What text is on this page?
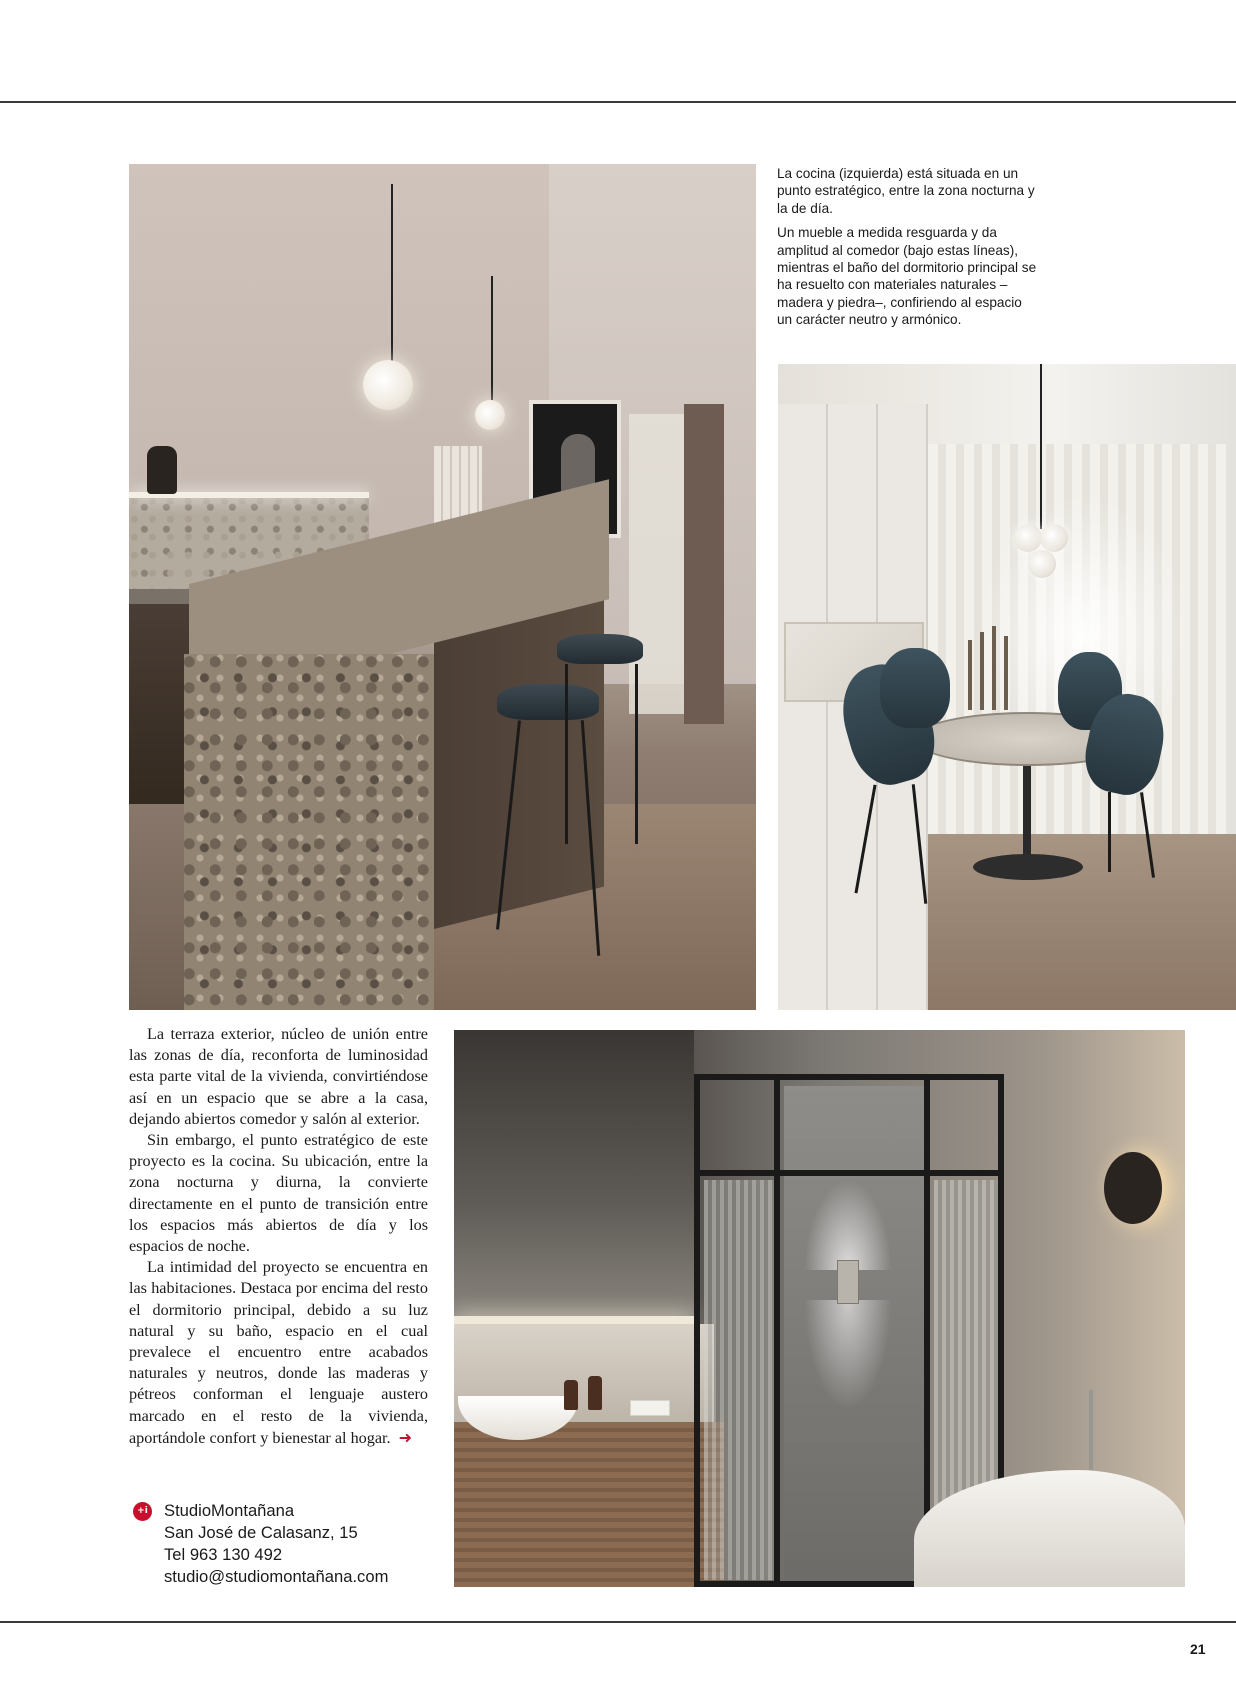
La cocina (izquierda) está situada en un punto estratégico, entre la zona nocturna y la de día.

Un mueble a medida resguarda y da amplitud al comedor (bajo estas líneas), mientras el baño del dormitorio principal se ha resuelto con materiales naturales –madera y piedra–, confiriendo al espacio un carácter neutro y armónico.

La terraza exterior, núcleo de unión entre las zonas de día, reconforta de luminosidad esta parte vital de la vivienda, convirtiéndose así en un espacio que se abre a la casa, dejando abiertos comedor y salón al exterior.

Sin embargo, el punto estratégico de este proyecto es la cocina. Su ubicación, entre la zona nocturna y diurna, la convierte directamente en el punto de transición entre los espacios más abiertos de día y los espacios de noche.

La intimidad del proyecto se encuentra en las habitaciones. Destaca por encima del resto el dormitorio principal, debido a su luz natural y su baño, espacio en el cual prevalece el encuentro entre acabados naturales y neutros, donde las maderas y pétreos conforman el lenguaje austero marcado en el resto de la vivienda, aportándole confort y bienestar al hogar. ➜

+i StudioMontañana
San José de Calasanz, 15
Tel 963 130 492
studio@studiomontañana.com
21
